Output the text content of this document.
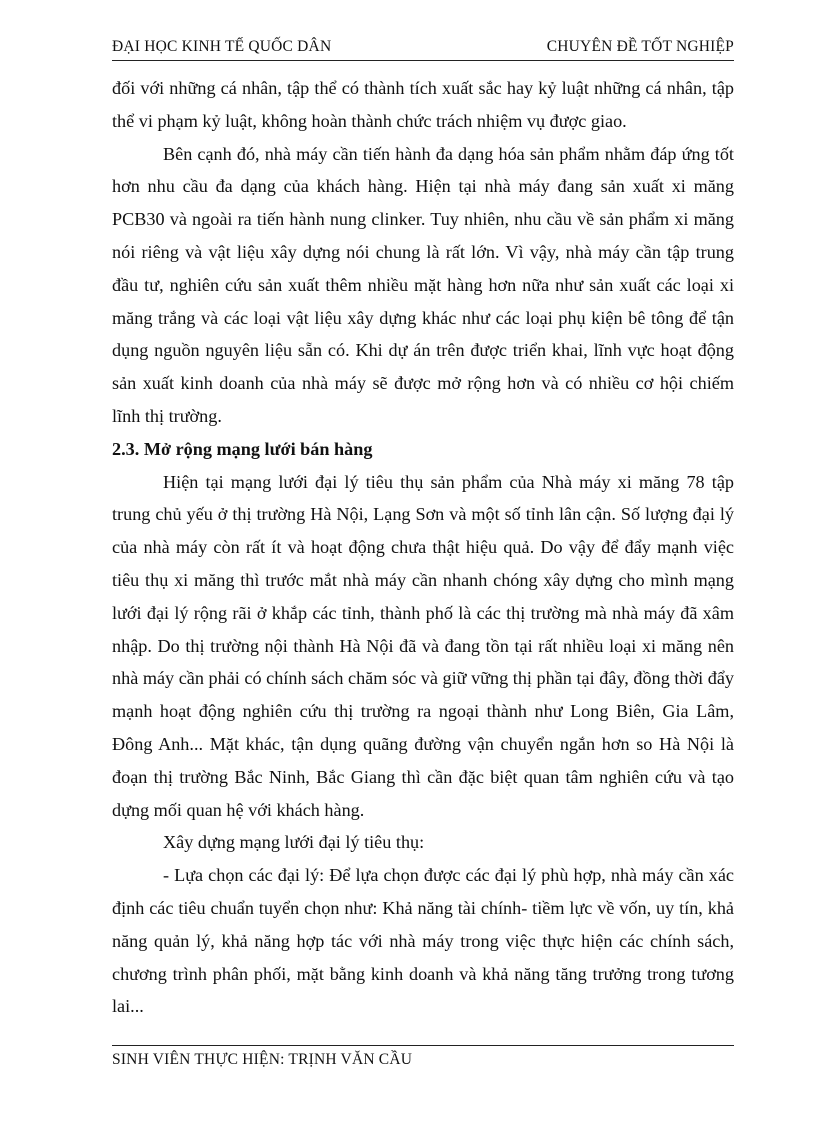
ĐẠI HỌC KINH TẾ QUỐC DÂN	CHUYÊN ĐỀ TỐT NGHIỆP

đối với những cá nhân, tập thể có thành tích xuất sắc hay kỷ luật những cá nhân, tập thể vi phạm kỷ luật, không hoàn thành chức trách nhiệm vụ được giao.

Bên cạnh đó, nhà máy cần tiến hành đa dạng hóa sản phẩm nhằm đáp ứng tốt hơn nhu cầu đa dạng của khách hàng. Hiện tại nhà máy đang sản xuất xi măng PCB30 và ngoài ra tiến hành nung clinker. Tuy nhiên, nhu cầu về sản phẩm xi măng nói riêng và vật liệu xây dựng nói chung là rất lớn. Vì vậy, nhà máy cần tập trung đầu tư, nghiên cứu sản xuất thêm nhiều mặt hàng hơn nữa như sản xuất các loại xi măng trắng và các loại vật liệu xây dựng khác như các loại phụ kiện bê tông để tận dụng nguồn nguyên liệu sẵn có. Khi dự án trên được triển khai, lĩnh vực hoạt động sản xuất kinh doanh của nhà máy sẽ được mở rộng hơn và có nhiều cơ hội chiếm lĩnh thị trường.

2.3. Mở rộng mạng lưới bán hàng

Hiện tại mạng lưới đại lý tiêu thụ sản phẩm của Nhà máy xi măng 78 tập trung chủ yếu ở thị trường Hà Nội, Lạng Sơn và một số tỉnh lân cận. Số lượng đại lý của nhà máy còn rất ít và hoạt động chưa thật hiệu quả. Do vậy để đẩy mạnh việc tiêu thụ xi măng thì trước mắt nhà máy cần nhanh chóng xây dựng cho mình mạng lưới đại lý rộng rãi ở khắp các tỉnh, thành phố là các thị trường mà nhà máy đã xâm nhập. Do thị trường nội thành Hà Nội đã và đang tồn tại rất nhiều loại xi măng nên nhà máy cần phải có chính sách chăm sóc và giữ vững thị phần tại đây, đồng thời đẩy mạnh hoạt động nghiên cứu thị trường ra ngoại thành như Long Biên, Gia Lâm, Đông Anh... Mặt khác, tận dụng quãng đường vận chuyển ngắn hơn so Hà Nội là đoạn thị trường Bắc Ninh, Bắc Giang thì cần đặc biệt quan tâm nghiên cứu và tạo dựng mối quan hệ với khách hàng.

Xây dựng mạng lưới đại lý tiêu thụ:

- Lựa chọn các đại lý: Để lựa chọn được các đại lý phù hợp, nhà máy cần xác định các tiêu chuẩn tuyển chọn như: Khả năng tài chính- tiềm lực về vốn, uy tín, khả năng quản lý, khả năng hợp tác với nhà máy trong việc thực hiện các chính sách, chương trình phân phối, mặt bằng kinh doanh và khả năng tăng trưởng trong tương lai...

SINH VIÊN THỰC HIỆN: TRỊNH VĂN CẦU
